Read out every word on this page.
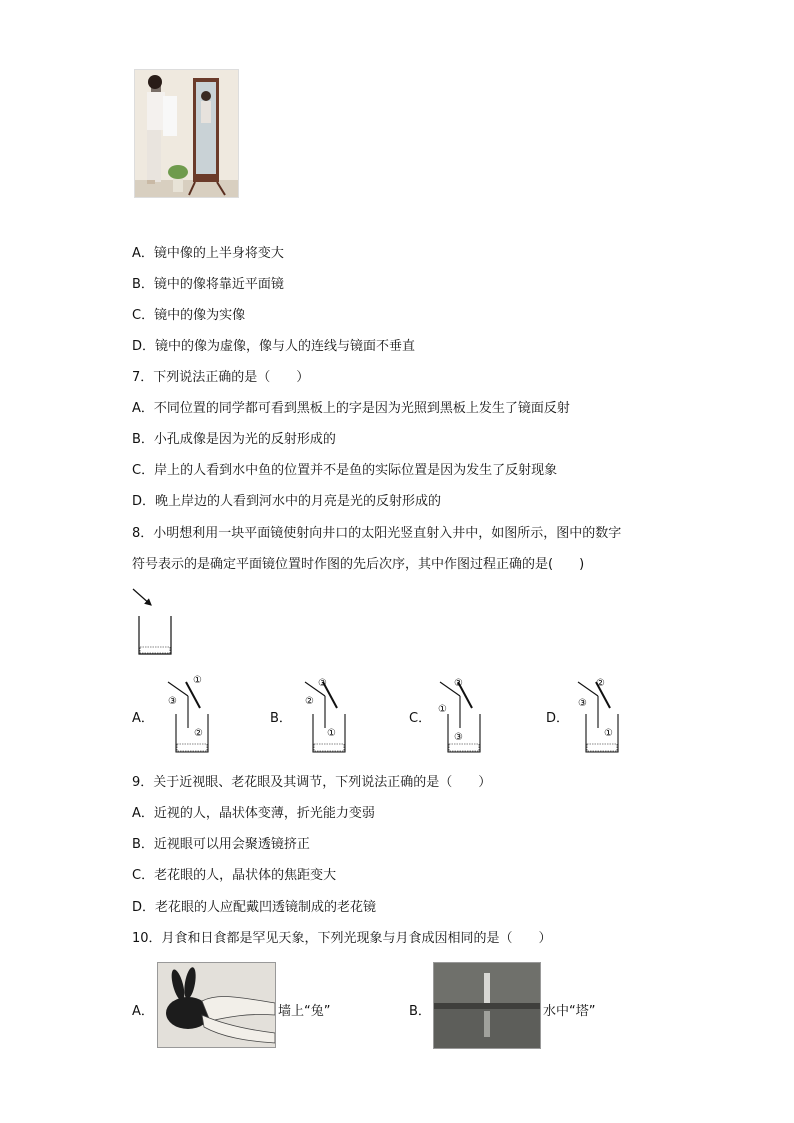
A．镜中像的上半身将变大
B．镜中的像将靠近平面镜
C．镜中的像为实像
D．镜中的像为虚像，像与人的连线与镜面不垂直
7．下列说法正确的是（　　）
A．不同位置的同学都可看到黑板上的字是因为光照到黑板上发生了镜面反射
B．小孔成像是因为光的反射形成的
C．岸上的人看到水中鱼的位置并不是鱼的实际位置是因为发生了反射现象
D．晚上岸边的人看到河水中的月亮是光的反射形成的
8．小明想利用一块平面镜使射向井口的太阳光竖直射入井中，如图所示，图中的数字
符号表示的是确定平面镜位置时作图的先后次序，其中作图过程正确的是(　　)
A．	B．	C．	D．
①
③
②
③
②
①
②
①
③
②
③
①
9．关于近视眼、老花眼及其调节，下列说法正确的是（　　）
A．近视的人，晶状体变薄，折光能力变弱
B．近视眼可以用会聚透镜挤正
C．老花眼的人，晶状体的焦距变大
D．老花眼的人应配戴凹透镜制成的老花镜
10．月食和日食都是罕见天象，下列光现象与月食成因相同的是（　　）
A．	墙上“兔”	B．	水中“塔”
